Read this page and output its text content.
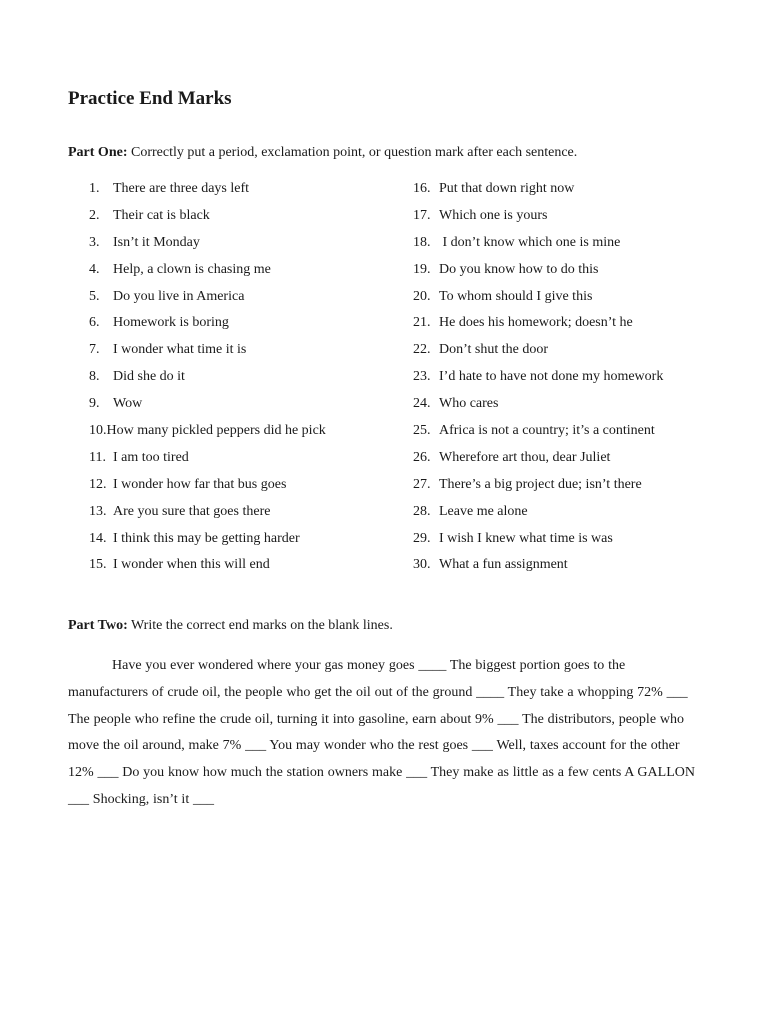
Practice End Marks
Part One: Correctly put a period, exclamation point, or question mark after each sentence.
1. There are three days left
2. Their cat is black
3. Isn’t it Monday
4. Help, a clown is chasing me
5. Do you live in America
6. Homework is boring
7. I wonder what time it is
8. Did she do it
9. Wow
10.How many pickled peppers did he pick
11. I am too tired
12. I wonder how far that bus goes
13. Are you sure that goes there
14. I think this may be getting harder
15. I wonder when this will end
16. Put that down right now
17. Which one is yours
18. I don’t know which one is mine
19. Do you know how to do this
20. To whom should I give this
21. He does his homework; doesn’t he
22. Don’t shut the door
23. I’d hate to have not done my homework
24. Who cares
25. Africa is not a country; it’s a continent
26. Wherefore art thou, dear Juliet
27. There’s a big project due; isn’t there
28. Leave me alone
29. I wish I knew what time is was
30. What a fun assignment
Part Two: Write the correct end marks on the blank lines.

Have you ever wondered where your gas money goes ____ The biggest portion goes to the manufacturers of crude oil, the people who get the oil out of the ground ____ They take a whopping 72% ___ The people who refine the crude oil, turning it into gasoline, earn about 9% ___ The distributors, people who move the oil around, make 7% ___ You may wonder who the rest goes ___ Well, taxes account for the other 12% ___ Do you know how much the station owners make ___ They make as little as a few cents A GALLON ___ Shocking, isn’t it ___
